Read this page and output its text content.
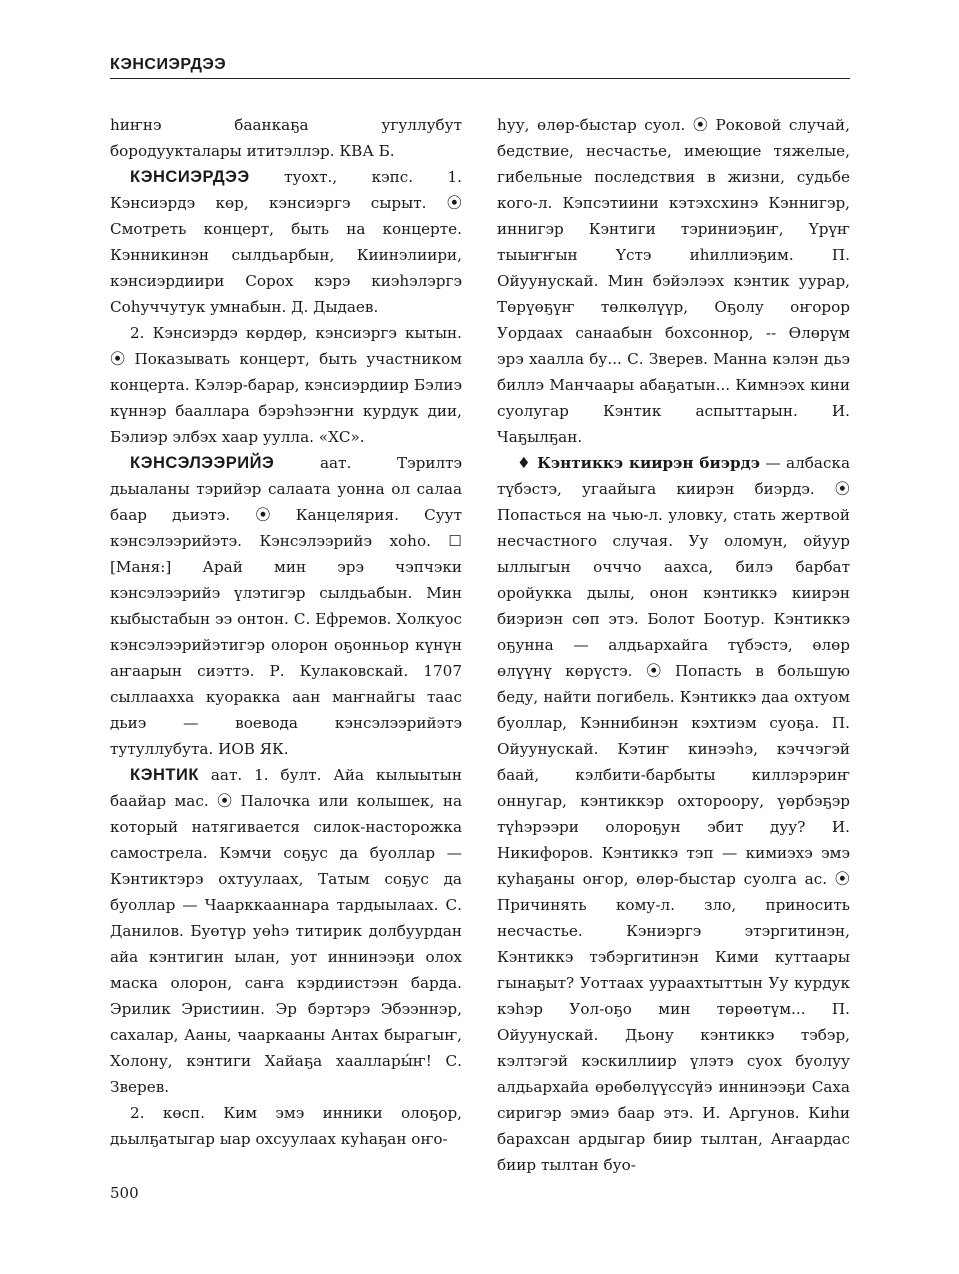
КЭНСИЭРДЭЭ

һиҥнэ баанкаҕа угуллубут бородуукталары ититэллэр. КВА Б.

КЭНСИЭРДЭЭ туохт., кэпс. 1. Кэнсиэрдэ көр, кэнсиэргэ сырыт. ⦿ Смотреть концерт, быть на концерте. Кэнникинэн сылдьарбын, Киинэлиири, кэнсиэрдиири Сорох кэрэ киэһэлэргэ Соһуччутук умнабын. Д. Дыдаев.

2. Кэнсиэрдэ көрдөр, кэнсиэргэ кытын. ⦿ Показывать концерт, быть участником концерта. Кэлэр-барар, кэнсиэрдиир Бэлиэ күннэр бааллара бэрэһээҥни курдук дии, Бэлиэр элбэх хаар уулла. «ХС».

КЭНСЭЛЭЭРИЙЭ аат. Тэрилтэ дьыаланы тэрийэр салаата уонна ол салаа баар дьиэтэ. ⦿ Канцелярия. Суут кэнсэлээрийэтэ. Кэнсэлээрийэ хоһо. ☐ [Маня:] Арай мин эрэ чэпчэки кэнсэлээрийэ үлэтигэр сылдьабын. Мин кыбыстабын ээ онтон. С. Ефремов. Холкуос кэнсэлээрийэтигэр олорон оҕонньор күнүн аҥаарын сиэттэ. Р. Кулаковскай. 1707 сыллаахха куоракка аан маҥнайгы таас дьиэ — воевода кэнсэлээрийэтэ тутуллубута. ИОВ ЯК.

КЭНТИК аат. 1. булт. Айа кылыытын баайар мас. ⦿ Палочка или колышек, на который натягивается силок-насторожка самострела. Кэмчи соҕус да буоллар — Кэнтиктэрэ охтуулаах, Татым соҕус да буоллар — Чаарккааннара тардыылаах. С. Данилов. Буөтүр уөһэ титирик долбуурдан айа кэнтигин ылан, уот иннинээҕи олох маска олорон, саҥа кэрдиистээн барда. Эрилик Эристиин. Эр бэртэрэ Эбээннэр, сахалар, Ааны, чааркааны Антах бырагыҥ, Холону, кэнтиги Хайаҕа хааллары́ҥ! С. Зверев.

2. көсп. Ким эмэ инники олоҕор, дьылҕатыгар ыар охсуулаах куһаҕан оҥо-

һуу, өлөр-быстар суол. ⦿ Роковой случай, бедствие, несчастье, имеющие тяжелые, гибельные последствия в жизни, судьбе кого-л. Кэпсэтиини кэтэхсхинэ Кэннигэр, иннигэр Кэнтиги тэриниэҕиҥ, Үрүҥ тыыҥҥын Үстэ иһиллиэҕим. П. Ойуунускай. Мин бэйэлээх кэнтик уурар, Төрүөҕүҥ төлкөлүүр, Оҕолу оҥорор Уордаах санаабын бохсоннор, -- Өлөрүм эрэ хаалла бу... С. Зверев. Манна кэлэн дьэ биллэ Манчаары абаҕатын... Кимнээх кини суолугар Кэнтик аспыттарын. И. Чаҕылҕан.

♦ Кэнтиккэ киирэн биэрдэ — албаска түбэстэ, угаайыга киирэн биэрдэ. ⦿ Попасться на чью-л. уловку, стать жертвой несчастного случая. Уу оломун, ойуур ыллыгын очччо аахса, билэ барбат оройукка дылы, онон кэнтиккэ киирэн биэриэн сөп этэ. Болот Боотур. Кэнтиккэ оҕунна — алдьархайга түбэстэ, өлөр өлүүнү көрүстэ. ⦿ Попасть в большую беду, найти погибель. Кэнтиккэ даа охтуом буоллар, Кэннибинэн кэхтиэм суоҕа. П. Ойуунускай. Кэтиҥ кинээһэ, кэччэгэй баай, кэлбити-барбыты киллэрэриҥ оннугар, кэнтиккэр охтороору, үөрбэҕэр түһэрээри олороҕун эбит дуу? И. Никифоров. Кэнтиккэ тэп — кимиэхэ эмэ куһаҕаны оҥор, өлөр-быстар суолга ас. ⦿ Причинять кому-л. зло, приносить несчастье. Кэниэргэ этэргитинэн, Кэнтиккэ тэбэргитинэн Кими куттаары гынаҕыт? Уоттаах уураахтыттын Уу курдук кэһэр Уол-оҕо мин төрөөтүм... П. Ойуунускай. Дьону кэнтиккэ тэбэр, кэлтэгэй кэскиллиир үлэтэ суох буолуу алдьархайа өрөбөлүүссүйэ иннинээҕи Саха сиригэр эмиэ баар этэ. И. Аргунов. Киһи барахсан ардыгар биир тылтан, Аҥаардас биир тылтан буо-

500
